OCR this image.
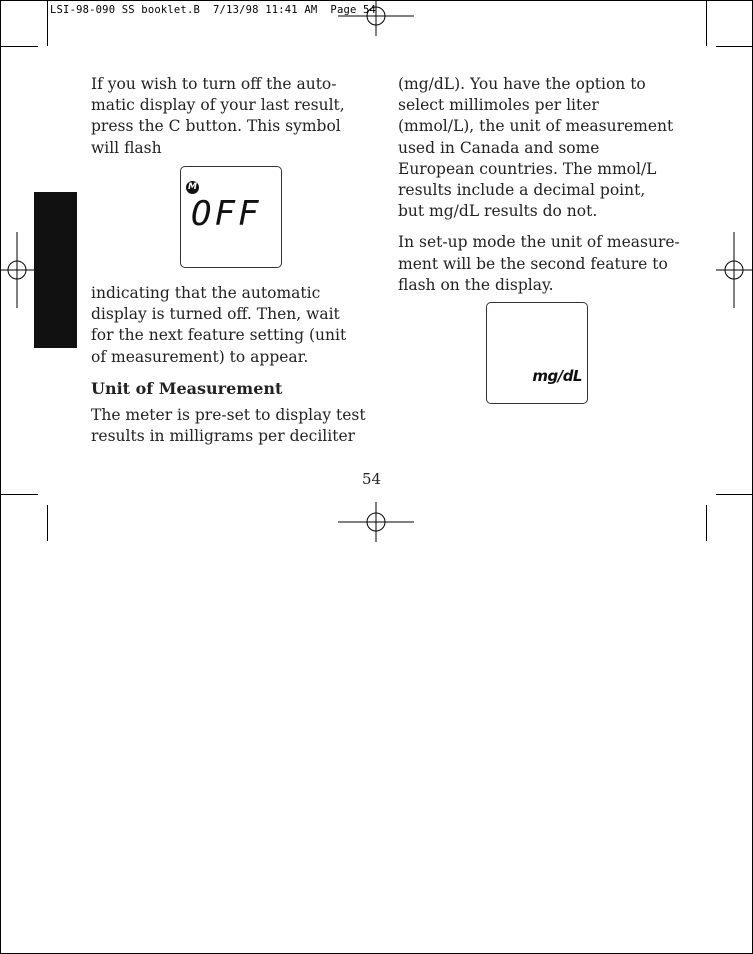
LSI-98-090 SS booklet.B  7/13/98 11:41 AM  Page 54

If you wish to turn off the auto-matic display of your last result, press the C button. This symbol will flash

M
OFF

indicating that the automatic display is turned off. Then, wait for the next feature setting (unit of measurement) to appear.

Unit of Measurement

The meter is pre-set to display test results in milligrams per deciliter

(mg/dL). You have the option to select millimoles per liter (mmol/L), the unit of measurement used in Canada and some European countries. The mmol/L results include a decimal point, but mg/dL results do not.

In set-up mode the unit of measure-ment will be the second feature to flash on the display.

mg/dL
54
